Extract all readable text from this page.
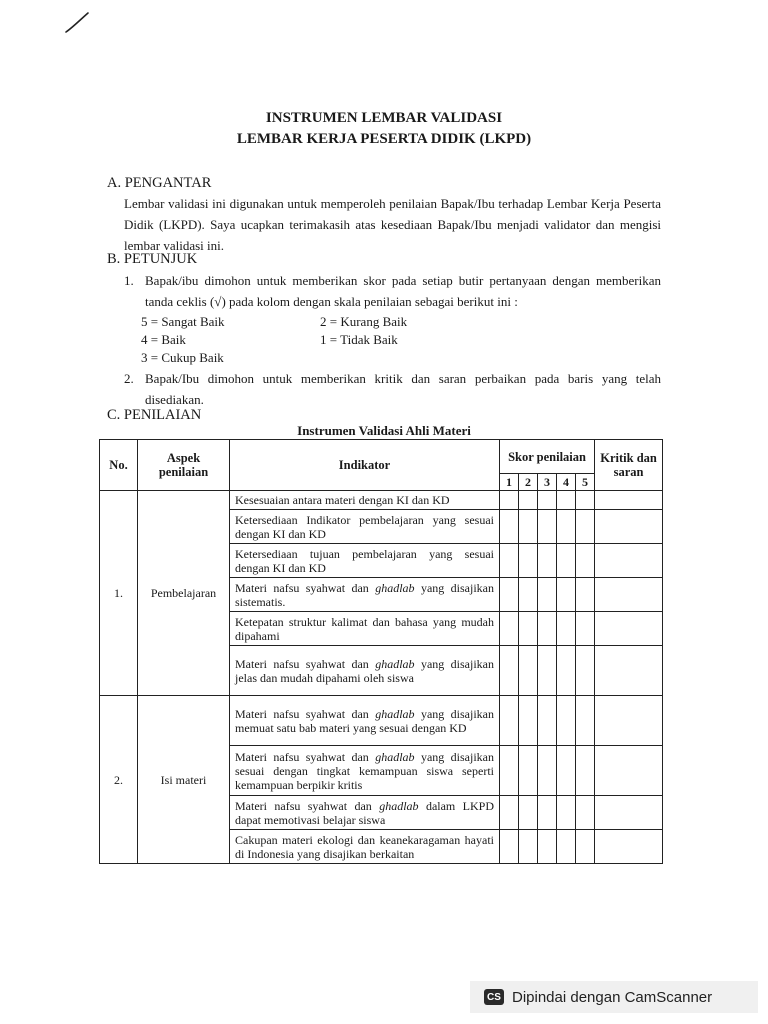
INSTRUMEN LEMBAR VALIDASI
LEMBAR KERJA PESERTA DIDIK (LKPD)
A. PENGANTAR
Lembar validasi ini digunakan untuk memperoleh penilaian Bapak/Ibu terhadap Lembar Kerja Peserta Didik (LKPD). Saya ucapkan terimakasih atas kesediaan Bapak/Ibu menjadi validator dan mengisi lembar validasi ini.
B. PETUNJUK
1. Bapak/ibu dimohon untuk memberikan skor pada setiap butir pertanyaan dengan memberikan tanda ceklis (√) pada kolom dengan skala penilaian sebagai berikut ini :
5 = Sangat Baik
4 = Baik
3 = Cukup Baik
2 = Kurang Baik
1 = Tidak Baik
2. Bapak/Ibu dimohon untuk memberikan kritik dan saran perbaikan pada baris yang telah disediakan.
C. PENILAIAN
Instrumen Validasi Ahli Materi
No.	Aspek penilaian	Indikator	Skor penilaian					Kritik dan saran
			1	2	3	4	5	
1.	Pembelajaran	Kesesuaian antara materi dengan KI dan KD						
		Ketersediaan Indikator pembelajaran yang sesuai dengan KI dan KD						
		Ketersediaan tujuan pembelajaran yang sesuai dengan KI dan KD						
		Materi nafsu syahwat dan ghadlab yang disajikan sistematis.						
		Ketepatan struktur kalimat dan bahasa yang mudah dipahami						
		Materi nafsu syahwat dan ghadlab yang disajikan jelas dan mudah dipahami oleh siswa						
2.	Isi materi	Materi nafsu syahwat dan ghadlab yang disajikan memuat satu bab materi yang sesuai dengan KD						
		Materi nafsu syahwat dan ghadlab yang disajikan sesuai dengan tingkat kemampuan siswa seperti kemampuan berpikir kritis						
		Materi nafsu syahwat dan ghadlab dalam LKPD dapat memotivasi belajar siswa						
		Cakupan materi ekologi dan keanekaragaman hayati di Indonesia yang disajikan berkaitan						
CS Dipindai dengan CamScanner
